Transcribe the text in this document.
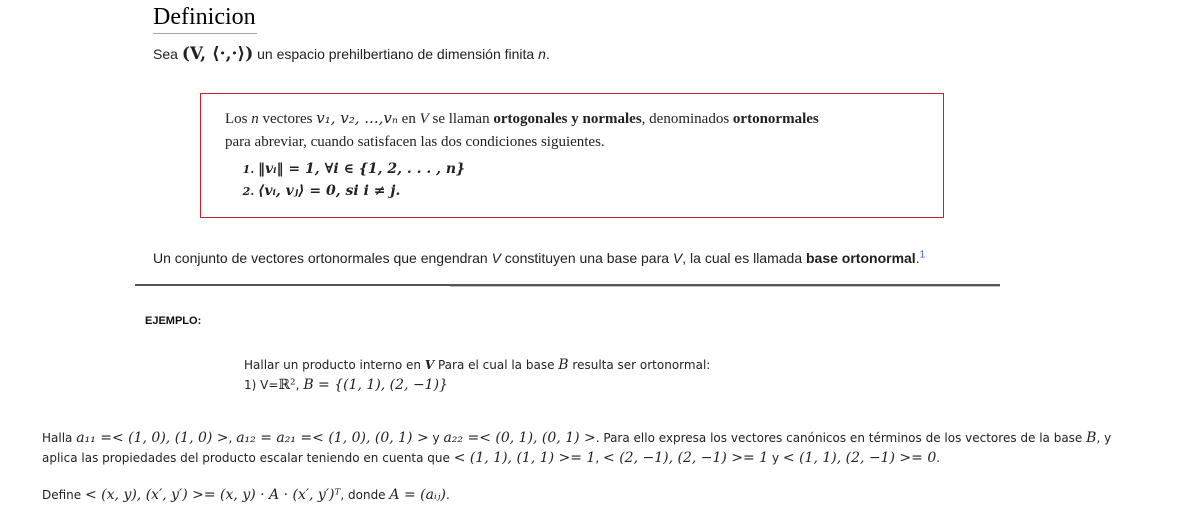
Definicion
Sea (V, ⟨·,·⟩) un espacio prehilbertiano de dimensión finita n.
Los n vectores v₁, v₂, ...,vₙ en V se llaman ortogonales y normales, denominados ortonormales
para abreviar, cuando satisfacen las dos condiciones siguientes.
1. ‖vᵢ‖ = 1, ∀i ∈ {1, 2, . . . , n}
2. ⟨vᵢ, vⱼ⟩ = 0, si i ≠ j.
Un conjunto de vectores ortonormales que engendran V constituyen una base para V, la cual es llamada base ortonormal.$^1$
EJEMPLO:
Hallar un producto interno en V Para el cual la base B resulta ser ortonormal:
1) V=ℝ², B = {(1, 1), (2, −1)}
Halla a₁₁ =< (1, 0), (1, 0) >, a₁₂ = a₂₁ =< (1, 0), (0, 1) > y a₂₂ =< (0, 1), (0, 1) >. Para ello expresa los vectores canónicos en términos de los vectores de la base B, y
aplica las propiedades del producto escalar teniendo en cuenta que < (1, 1), (1, 1) >= 1, < (2, −1), (2, −1) >= 1 y < (1, 1), (2, −1) >= 0.
Define < (x, y), (x′, y′) >= (x, y) · A · (x′, y′)ᵀ, donde A = (aᵢⱼ).
